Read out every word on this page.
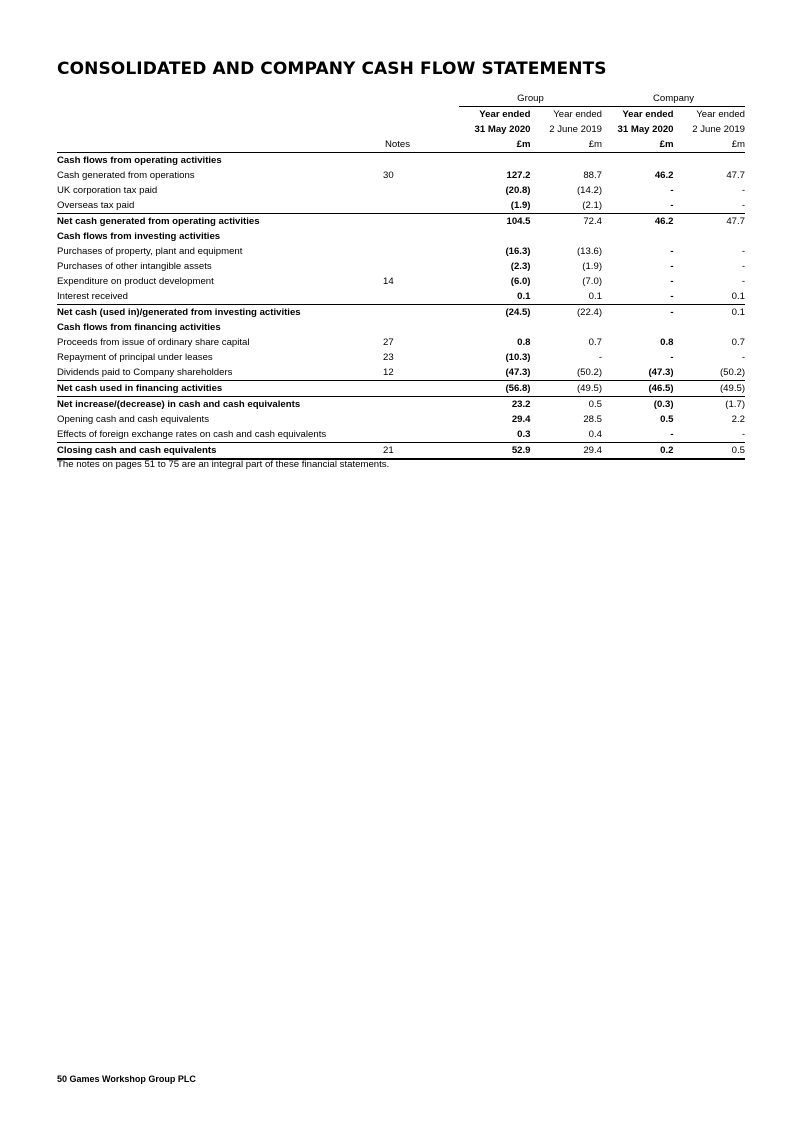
CONSOLIDATED AND COMPANY CASH FLOW STATEMENTS
		Group		Company	
		Year ended	Year ended	Year ended	Year ended
		31 May 2020	2 June 2019	31 May 2020	2 June 2019
	Notes	£m	£m	£m	£m
Cash flows from operating activities					
Cash generated from operations	30	127.2	88.7	46.2	47.7
UK corporation tax paid		(20.8)	(14.2)	-	-
Overseas tax paid		(1.9)	(2.1)	-	-
Net cash generated from operating activities		104.5	72.4	46.2	47.7
Cash flows from investing activities					
Purchases of property, plant and equipment		(16.3)	(13.6)	-	-
Purchases of other intangible assets		(2.3)	(1.9)	-	-
Expenditure on product development	14	(6.0)	(7.0)	-	-
Interest received		0.1	0.1	-	0.1
Net cash (used in)/generated from investing activities		(24.5)	(22.4)	-	0.1
Cash flows from financing activities					
Proceeds from issue of ordinary share capital	27	0.8	0.7	0.8	0.7
Repayment of principal under leases	23	(10.3)	-	-	-
Dividends paid to Company shareholders	12	(47.3)	(50.2)	(47.3)	(50.2)
Net cash used in financing activities		(56.8)	(49.5)	(46.5)	(49.5)
Net increase/(decrease) in cash and cash equivalents		23.2	0.5	(0.3)	(1.7)
Opening cash and cash equivalents		29.4	28.5	0.5	2.2
Effects of foreign exchange rates on cash and cash equivalents		0.3	0.4	-	-
Closing cash and cash equivalents	21	52.9	29.4	0.2	0.5
The notes on pages 51 to 75 are an integral part of these financial statements.
50 Games Workshop Group PLC
